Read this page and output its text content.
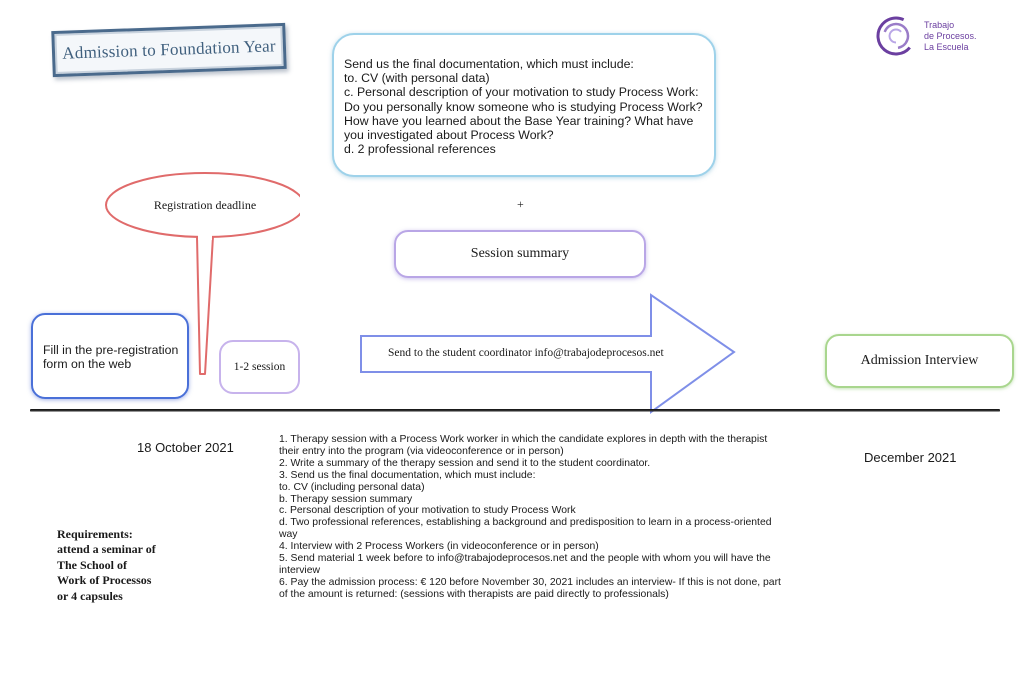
Admission to Foundation Year
Trabajo
de Procesos.
La Escuela
Send us the final documentation, which must include:
to. CV (with personal data)
c. Personal description of your motivation to study Process Work:
Do you personally know someone who is studying Process Work?
How have you learned about the Base Year training? What have
you investigated about Process Work?
d. 2 professional references
+
Session summary
Registration deadline
Fill in the pre-registration
form on the web	1-2 session
Send to the student coordinator info@trabajodeprocesos.net	Admission Interview
18 October 2021
December 2021
1. Therapy session with a Process Work worker in which the candidate explores in depth with the therapist
their entry into the program (via videoconference or in person)
2. Write a summary of the therapy session and send it to the student coordinator.
3. Send us the final documentation, which must include:
to. CV (including personal data)
b. Therapy session summary
c. Personal description of your motivation to study Process Work
d. Two professional references, establishing a background and predisposition to learn in a process-oriented
way
4. Interview with 2 Process Workers (in videoconference or in person)
5. Send material 1 week before to info@trabajodeprocesos.net and the people with whom you will have the
interview
6. Pay the admission process: € 120 before November 30, 2021 includes an interview- If this is not done, part
of the amount is returned: (sessions with therapists are paid directly to professionals)
Requirements:
attend a seminar of
The School of
Work of Processos
or 4 capsules
